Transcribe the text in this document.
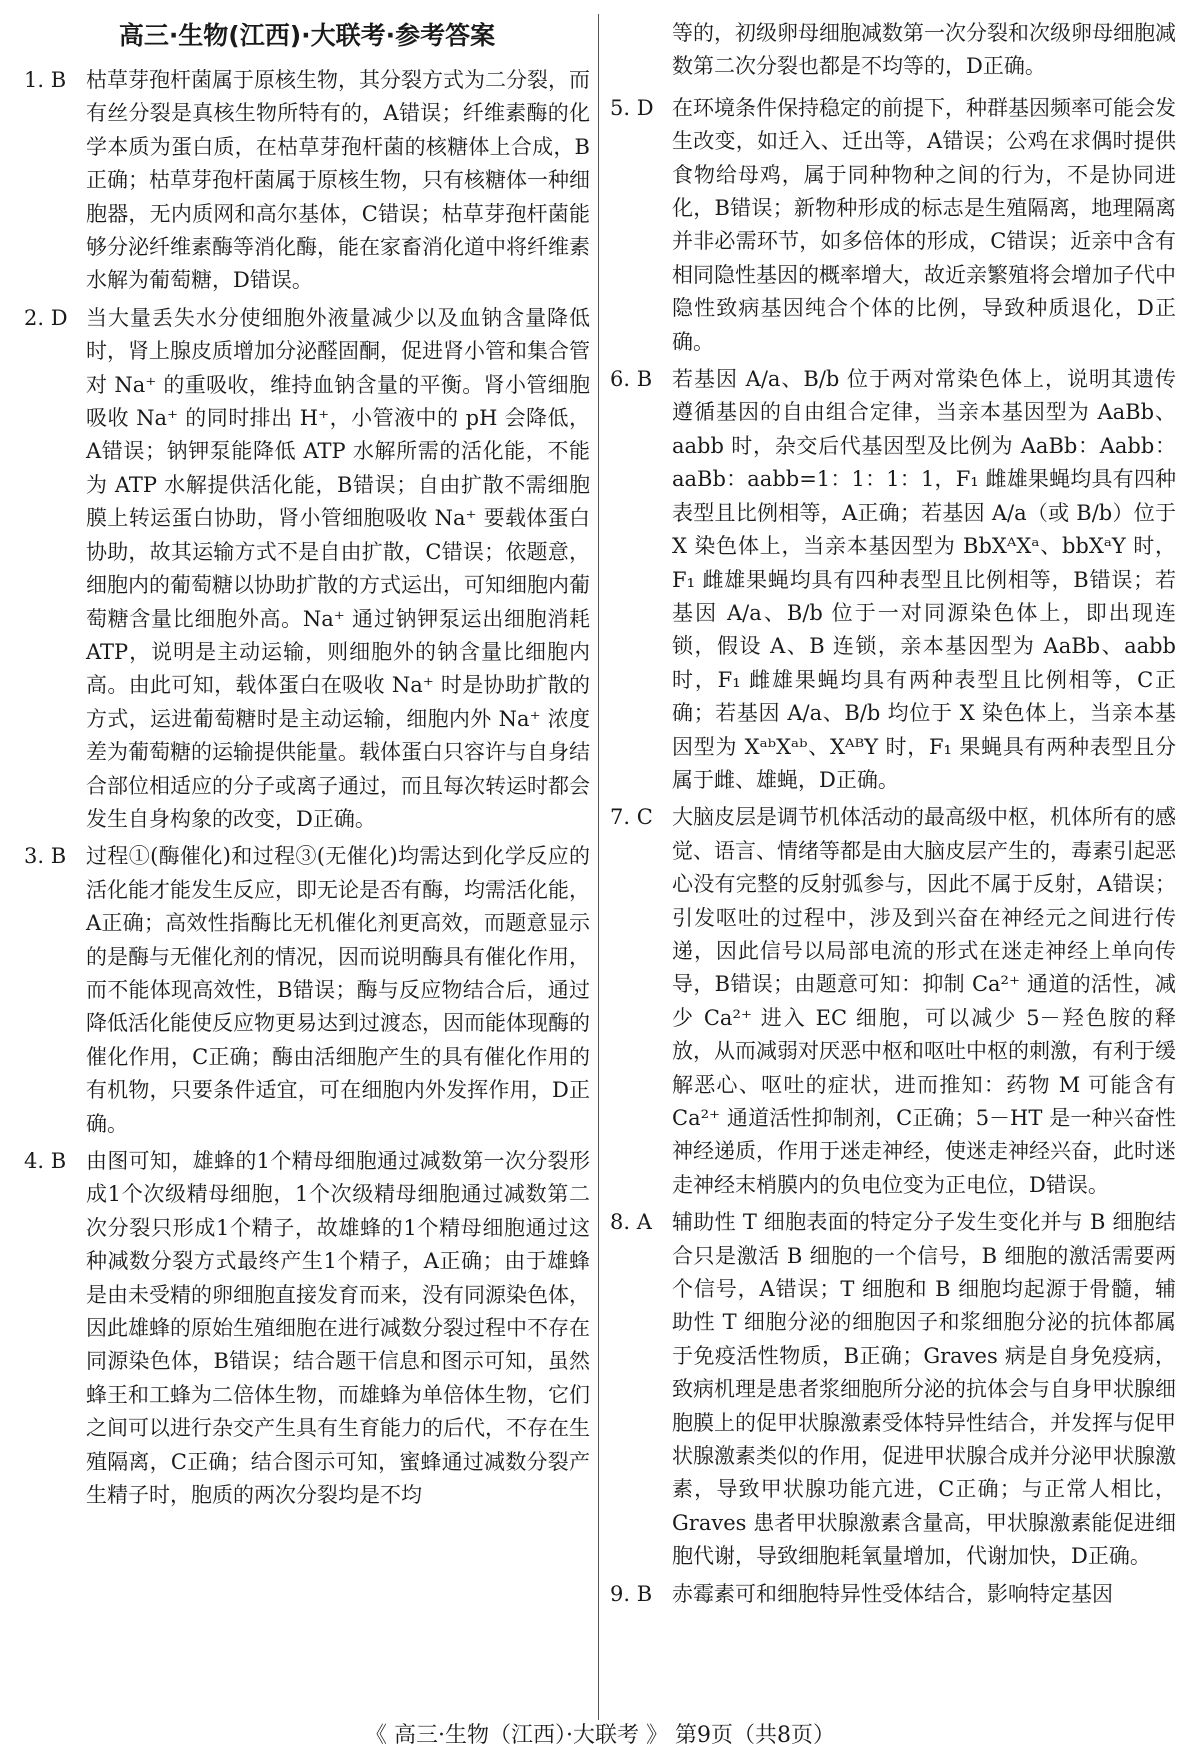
高三·生物(江西)·大联考·参考答案
1. B 枯草芽孢杆菌属于原核生物，其分裂方式为二分裂，而有丝分裂是真核生物所特有的，A错误；纤维素酶的化学本质为蛋白质，在枯草芽孢杆菌的核糖体上合成，B正确；枯草芽孢杆菌属于原核生物，只有核糖体一种细胞器，无内质网和高尔基体，C错误；枯草芽孢杆菌能够分泌纤维素酶等消化酶，能在家畜消化道中将纤维素水解为葡萄糖，D错误。
2. D 当大量丢失水分使细胞外液量减少以及血钠含量降低时，肾上腺皮质增加分泌醛固酮，促进肾小管和集合管对 Na⁺ 的重吸收，维持血钠含量的平衡。肾小管细胞吸收 Na⁺ 的同时排出 H⁺，小管液中的 pH 会降低，A错误；钠钾泵能降低 ATP 水解所需的活化能，不能为 ATP 水解提供活化能，B错误；自由扩散不需细胞膜上转运蛋白协助，肾小管细胞吸收 Na⁺ 要载体蛋白协助，故其运输方式不是自由扩散，C错误；依题意，细胞内的葡萄糖以协助扩散的方式运出，可知细胞内葡萄糖含量比细胞外高。Na⁺ 通过钠钾泵运出细胞消耗 ATP，说明是主动运输，则细胞外的钠含量比细胞内高。由此可知，载体蛋白在吸收 Na⁺ 时是协助扩散的方式，运进葡萄糖时是主动运输，细胞内外 Na⁺ 浓度差为葡萄糖的运输提供能量。载体蛋白只容许与自身结合部位相适应的分子或离子通过，而且每次转运时都会发生自身构象的改变，D正确。
3. B 过程①(酶催化)和过程③(无催化)均需达到化学反应的活化能才能发生反应，即无论是否有酶，均需活化能，A正确；高效性指酶比无机催化剂更高效，而题意显示的是酶与无催化剂的情况，因而说明酶具有催化作用，而不能体现高效性，B错误；酶与反应物结合后，通过降低活化能使反应物更易达到过渡态，因而能体现酶的催化作用，C正确；酶由活细胞产生的具有催化作用的有机物，只要条件适宜，可在细胞内外发挥作用，D正确。
4. B 由图可知，雄蜂的1个精母细胞通过减数第一次分裂形成1个次级精母细胞，1个次级精母细胞通过减数第二次分裂只形成1个精子，故雄蜂的1个精母细胞通过这种减数分裂方式最终产生1个精子，A正确；由于雄蜂是由未受精的卵细胞直接发育而来，没有同源染色体，因此雄蜂的原始生殖细胞在进行减数分裂过程中不存在同源染色体，B错误；结合题干信息和图示可知，虽然蜂王和工蜂为二倍体生物，而雄蜂为单倍体生物，它们之间可以进行杂交产生具有生育能力的后代，不存在生殖隔离，C正确；结合图示可知，蜜蜂通过减数分裂产生精子时，胞质的两次分裂均是不均
等的，初级卵母细胞减数第一次分裂和次级卵母细胞减数第二次分裂也都是不均等的，D正确。
5. D 在环境条件保持稳定的前提下，种群基因频率可能会发生改变，如迁入、迁出等，A错误；公鸡在求偶时提供食物给母鸡，属于同种物种之间的行为，不是协同进化，B错误；新物种形成的标志是生殖隔离，地理隔离并非必需环节，如多倍体的形成，C错误；近亲中含有相同隐性基因的概率增大，故近亲繁殖将会增加子代中隐性致病基因纯合个体的比例，导致种质退化，D正确。
6. B 若基因 A/a、B/b 位于两对常染色体上，说明其遗传遵循基因的自由组合定律，当亲本基因型为 AaBb、aabb 时，杂交后代基因型及比例为 AaBb：Aabb：aaBb：aabb=1：1：1：1，F₁ 雌雄果蝇均具有四种表型且比例相等，A正确；若基因 A/a（或 B/b）位于 X 染色体上，当亲本基因型为 BbXᴬXᵃ、bbXᵃY 时，F₁ 雌雄果蝇均具有四种表型且比例相等，B错误；若基因 A/a、B/b 位于一对同源染色体上，即出现连锁，假设 A、B 连锁，亲本基因型为 AaBb、aabb 时，F₁ 雌雄果蝇均具有两种表型且比例相等，C正确；若基因 A/a、B/b 均位于 X 染色体上，当亲本基因型为 XᵃᵇXᵃᵇ、XᴬᴮY 时，F₁ 果蝇具有两种表型且分属于雌、雄蝇，D正确。
7. C 大脑皮层是调节机体活动的最高级中枢，机体所有的感觉、语言、情绪等都是由大脑皮层产生的，毒素引起恶心没有完整的反射弧参与，因此不属于反射，A错误；引发呕吐的过程中，涉及到兴奋在神经元之间进行传递，因此信号以局部电流的形式在迷走神经上单向传导，B错误；由题意可知：抑制 Ca²⁺ 通道的活性，减少 Ca²⁺ 进入 EC 细胞，可以减少 5－羟色胺的释放，从而减弱对厌恶中枢和呕吐中枢的刺激，有利于缓解恶心、呕吐的症状，进而推知：药物 M 可能含有 Ca²⁺ 通道活性抑制剂，C正确；5－HT 是一种兴奋性神经递质，作用于迷走神经，使迷走神经兴奋，此时迷走神经末梢膜内的负电位变为正电位，D错误。
8. A 辅助性 T 细胞表面的特定分子发生变化并与 B 细胞结合只是激活 B 细胞的一个信号，B 细胞的激活需要两个信号，A错误；T 细胞和 B 细胞均起源于骨髓，辅助性 T 细胞分泌的细胞因子和浆细胞分泌的抗体都属于免疫活性物质，B正确；Graves 病是自身免疫病，致病机理是患者浆细胞所分泌的抗体会与自身甲状腺细胞膜上的促甲状腺激素受体特异性结合，并发挥与促甲状腺激素类似的作用，促进甲状腺合成并分泌甲状腺激素，导致甲状腺功能亢进，C正确；与正常人相比，Graves 患者甲状腺激素含量高，甲状腺激素能促进细胞代谢，导致细胞耗氧量增加，代谢加快，D正确。
9. B 赤霉素可和细胞特异性受体结合，影响特定基因
《 高三·生物（江西）·大联考 》 第9页（共8页）
